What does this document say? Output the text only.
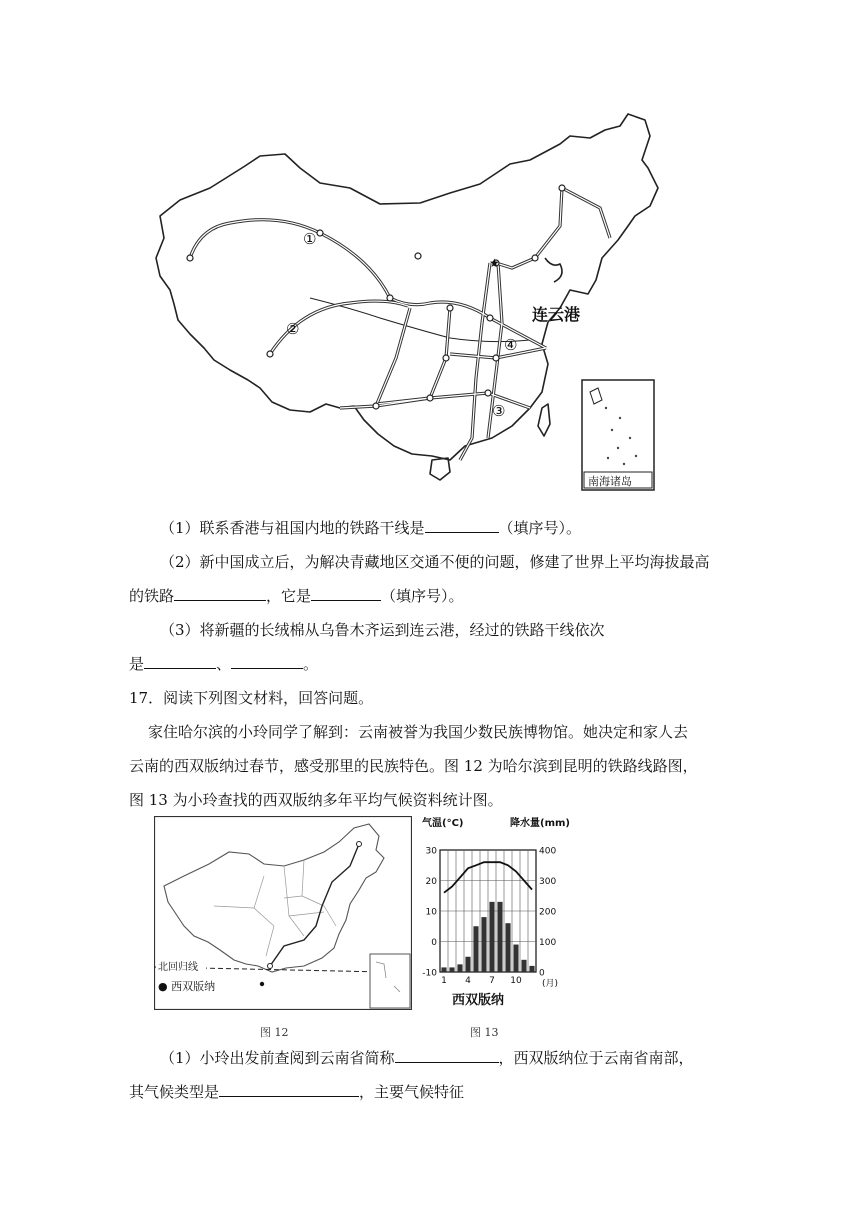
★
①
②
③
④
连云港
南海诸岛
（1）联系香港与祖国内地的铁路干线是	（填序号）。
（2）新中国成立后，为解决青藏地区交通不便的问题，修建了世界上平均海拔最高
的铁路	，它是	（填序号）。
（3）将新疆的长绒棉从乌鲁木齐运到连云港，经过的铁路干线依次
是	、	。
17．阅读下列图文材料，回答问题。
家住哈尔滨的小玲同学了解到：云南被誉为我国少数民族博物馆。她决定和家人去
云南的西双版纳过春节，感受那里的民族特色。图 12 为哈尔滨到昆明的铁路线路图，
图 13 为小玲查找的西双版纳多年平均气候资料统计图。
北回归线
● 西双版纳
图 12
气温(°C)	降水量(mm)
30
20
10
0
-10
400
300
200
100
0
1 4 7 10 (月)
西双版纳
图 13
（1）小玲出发前查阅到云南省简称	，西双版纳位于云南省南部，
其气候类型是	，主要气候特征
